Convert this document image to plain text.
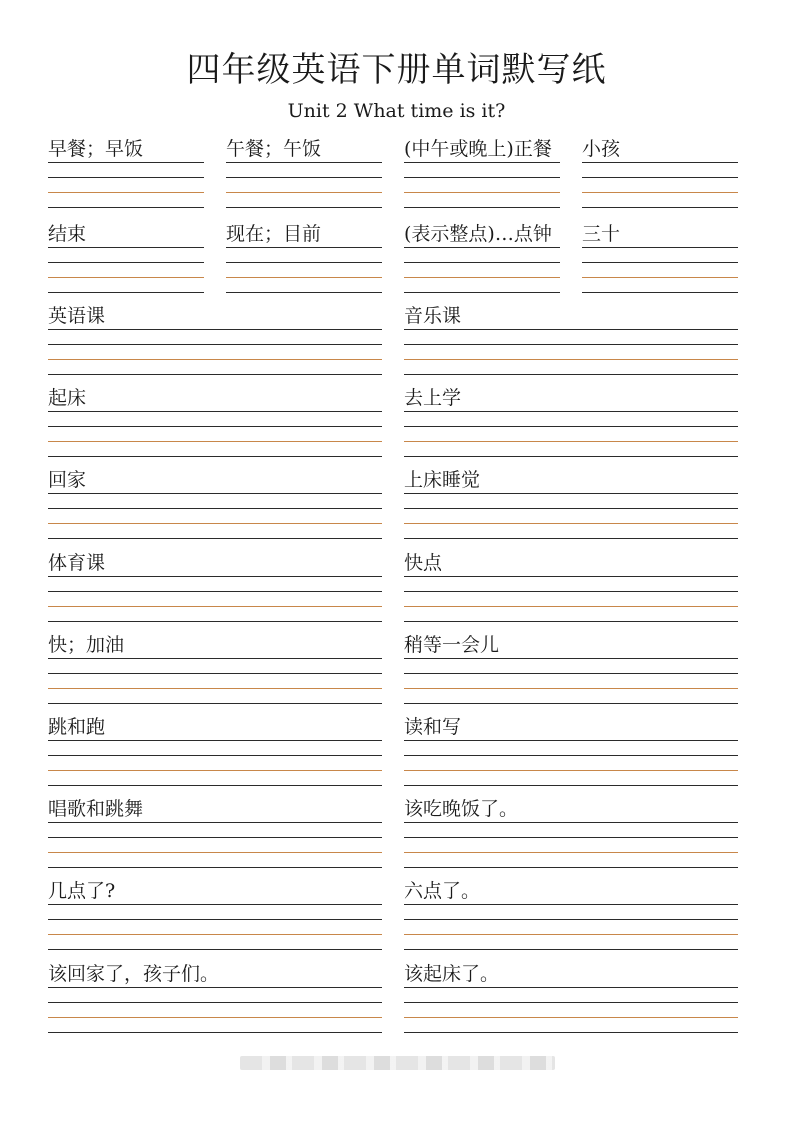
四年级英语下册单词默写纸
Unit 2 What time is it?
早餐；早饭	午餐；午饭	(中午或晚上)正餐	小孩
结束	现在；目前	(表示整点)…点钟	三十
英语课	音乐课
起床	去上学
回家	上床睡觉
体育课	快点
快；加油	稍等一会儿
跳和跑	读和写
唱歌和跳舞	该吃晚饭了。
几点了?	六点了。
该回家了，孩子们。	该起床了。
